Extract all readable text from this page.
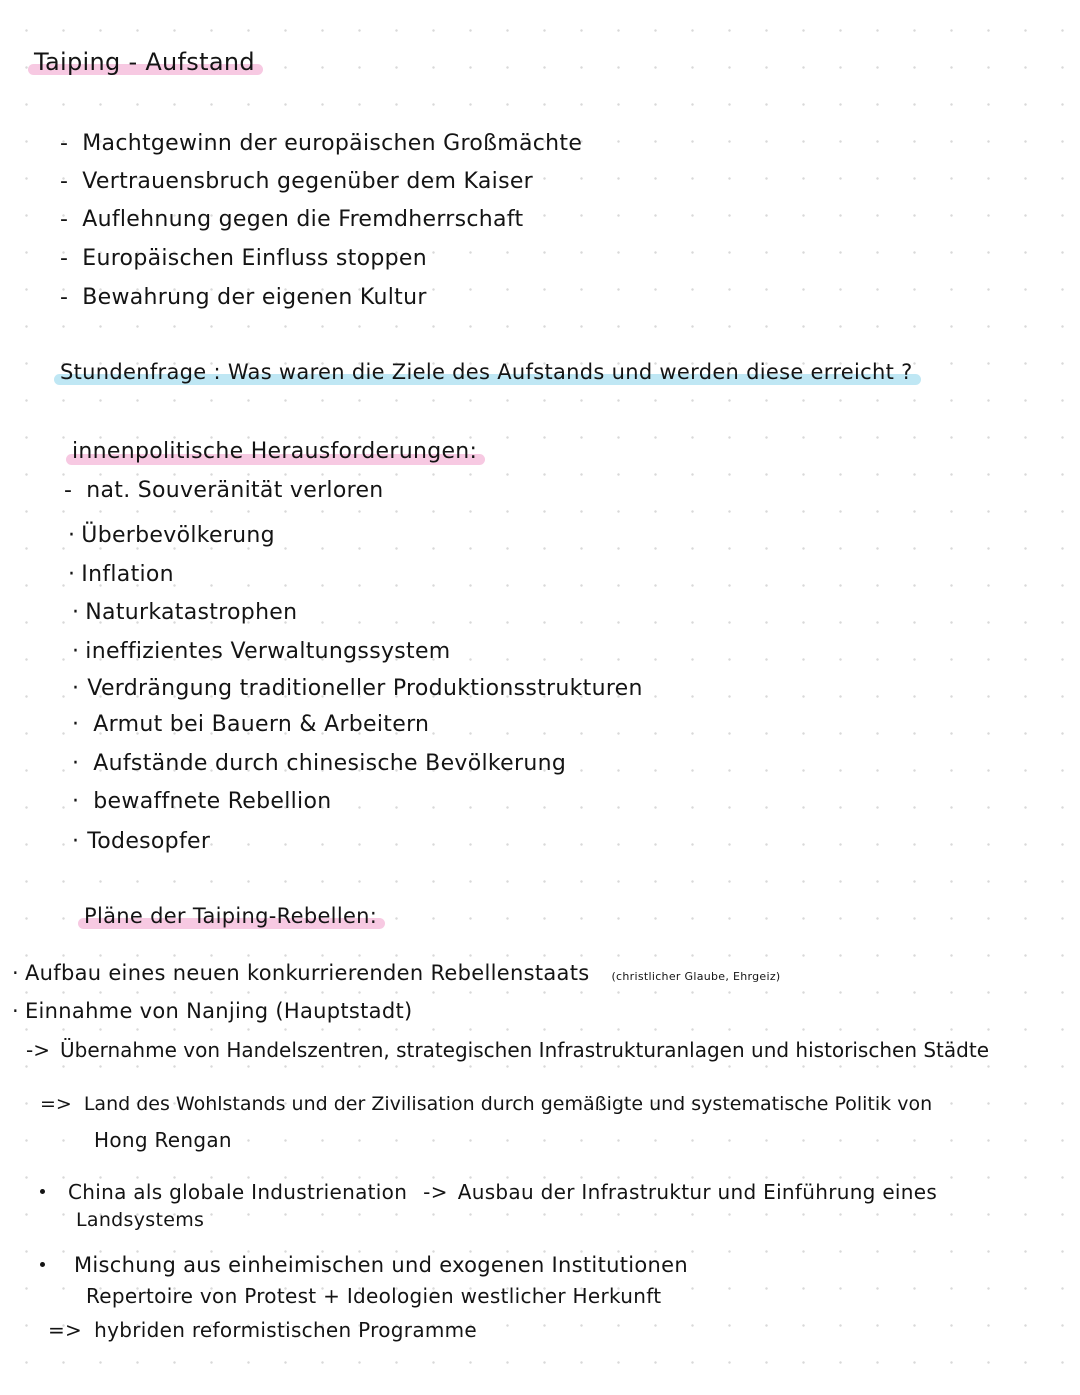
Taiping - Aufstand
- Machtgewinn der europäischen Großmächte
- Vertrauensbruch gegenüber dem Kaiser
- Auflehnung gegen die Fremdherrschaft
- Europäischen Einfluss stoppen
- Bewahrung der eigenen Kultur
Stundenfrage : Was waren die Ziele des Aufstands und werden diese erreicht ?
innenpolitische Herausforderungen:
- nat. Souveränität verloren
· Überbevölkerung
· Inflation
· Naturkatastrophen
· ineffizientes Verwaltungssystem
· Verdrängung traditioneller Produktionsstrukturen
· Armut bei Bauern & Arbeitern
· Aufstände durch chinesische Bevölkerung
· bewaffnete Rebellion
· Todesopfer
Pläne der Taiping-Rebellen:
· Aufbau eines neuen konkurrierenden Rebellenstaats (christlicher Glaube, Ehrgeiz)
· Einnahme von Nanjing (Hauptstadt)
-> Übernahme von Handelszentren, strategischen Infrastrukturanlagen und historischen Städte
=> Land des Wohlstands und der Zivilisation durch gemäßigte und systematische Politik von
Hong Rengan
China als globale Industrienation -> Ausbau der Infrastruktur und Einführung eines
Landsystems
Mischung aus einheimischen und exogenen Institutionen
Repertoire von Protest + Ideologien westlicher Herkunft
=> hybriden reformistischen Programme
